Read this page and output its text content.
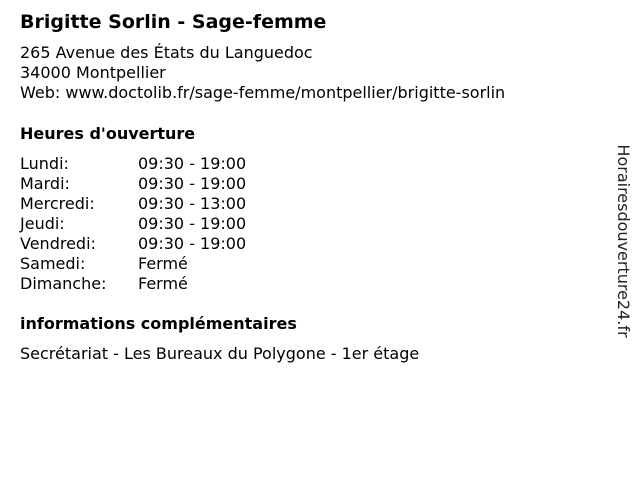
Brigitte Sorlin - Sage-femme
265 Avenue des États du Languedoc
34000 Montpellier
Web: www.doctolib.fr/sage-femme/montpellier/brigitte-sorlin
Heures d'ouverture
Lundi:	09:30 - 19:00
Mardi:	09:30 - 19:00
Mercredi:	09:30 - 13:00
Jeudi:	09:30 - 19:00
Vendredi:	09:30 - 19:00
Samedi:	Fermé
Dimanche:	Fermé
informations complémentaires
Secrétariat - Les Bureaux du Polygone - 1er étage
Horairesdouverture24.fr
